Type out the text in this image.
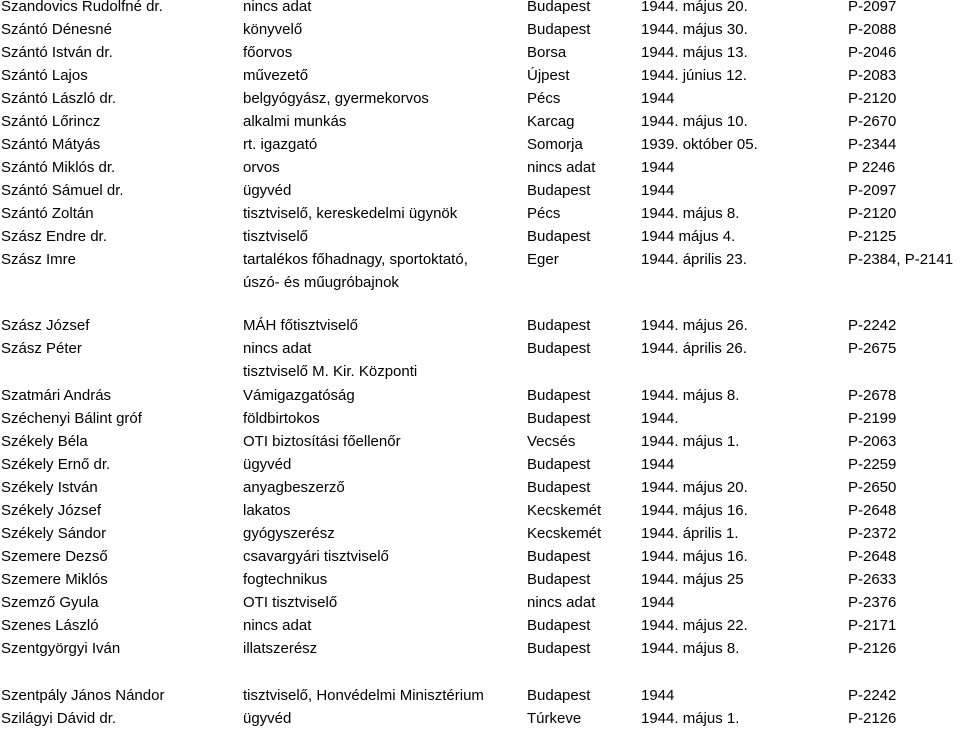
Szandovics Rudolfné dr.	nincs adat	Budapest	1944. május 20.	P-2097
Szántó Dénesné	könyvelő	Budapest	1944. május 30.	P-2088
Szántó István dr.	főorvos	Borsa	1944. május 13.	P-2046
Szántó Lajos	művezető	Újpest	1944. június 12.	P-2083
Szántó László dr.	belgyógyász, gyermekorvos	Pécs	1944	P-2120
Szántó Lőrincz	alkalmi munkás	Karcag	1944. május 10.	P-2670
Szántó Mátyás	rt. igazgató	Somorja	1939. október 05.	P-2344
Szántó Miklós dr.	orvos	nincs adat	1944	P 2246
Szántó Sámuel dr.	ügyvéd	Budapest	1944	P-2097
Szántó Zoltán	tisztviselő, kereskedelmi ügynök	Pécs	1944. május 8.	P-2120
Szász Endre dr.	tisztviselő	Budapest	1944 május 4.	P-2125
Szász Imre	tartalékos főhadnagy, sportoktató,	Eger	1944. április 23.	P-2384, P-2141
úszó- és műugróbajnok
Szász József	MÁH főtisztviselő	Budapest	1944. május 26.	P-2242
Szász Péter	nincs adat	Budapest	1944. április 26.	P-2675
tisztviselő M. Kir. Központi
Szatmári András	Vámigazgatóság	Budapest	1944. május 8.	P-2678
Széchenyi Bálint gróf	földbirtokos	Budapest	1944.	P-2199
Székely Béla	OTI biztosítási főellenőr	Vecsés	1944. május 1.	P-2063
Székely Ernő dr.	ügyvéd	Budapest	1944	P-2259
Székely István	anyagbeszerző	Budapest	1944. május 20.	P-2650
Székely József	lakatos	Kecskemét	1944. május 16.	P-2648
Székely Sándor	gyógyszerész	Kecskemét	1944. április 1.	P-2372
Szemere Dezső	csavargyári tisztviselő	Budapest	1944. május 16.	P-2648
Szemere Miklós	fogtechnikus	Budapest	1944. május 25	P-2633
Szemző Gyula	OTI tisztviselő	nincs adat	1944	P-2376
Szenes László	nincs adat	Budapest	1944. május 22.	P-2171
Szentgyörgyi Iván	illatszerész	Budapest	1944. május 8.	P-2126
Szentpály János Nándor	tisztviselő, Honvédelmi Minisztérium	Budapest	1944	P-2242
Szilágyi Dávid dr.	ügyvéd	Túrkeve	1944. május 1.	P-2126
